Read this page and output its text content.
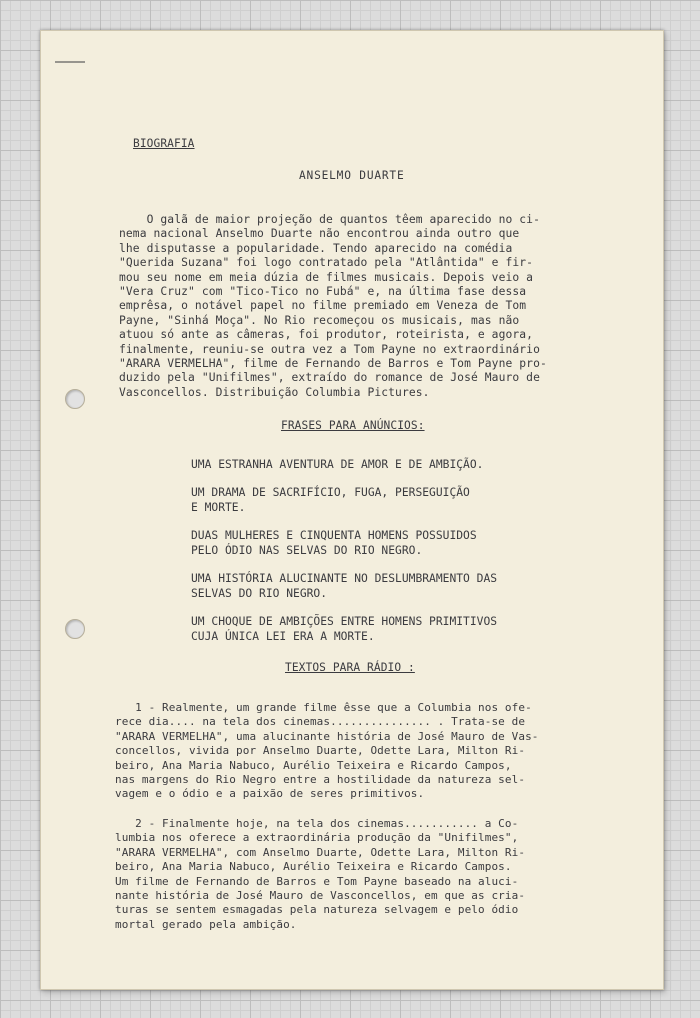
BIOGRAFIA
ANSELMO DUARTE
O galã de maior projeção de quantos têem aparecido no ci-
nema nacional Anselmo Duarte não encontrou ainda outro que
lhe disputasse a popularidade. Tendo aparecido na comédia
"Querida Suzana" foi logo contratado pela "Atlântida" e fir-
mou seu nome em meia dúzia de filmes musicais. Depois veio a
"Vera Cruz" com "Tico-Tico no Fubá" e, na última fase dessa
emprêsa, o notável papel no filme premiado em Veneza de Tom
Payne, "Sinhá Moça". No Rio recomeçou os musicais, mas não
atuou só ante as câmeras, foi produtor, roteirista, e agora,
finalmente, reuniu-se outra vez a Tom Payne no extraordinário
"ARARA VERMELHA", filme de Fernando de Barros e Tom Payne pro-
duzido pela "Unifilmes", extraído do romance de José Mauro de
Vasconcellos. Distribuição Columbia Pictures.
FRASES PARA ANÚNCIOS:
UMA ESTRANHA AVENTURA DE AMOR E DE AMBIÇÃO.
UM DRAMA DE SACRIFÍCIO, FUGA, PERSEGUIÇÃO
E MORTE.
DUAS MULHERES E CINQUENTA HOMENS POSSUIDOS
PELO ÓDIO NAS SELVAS DO RIO NEGRO.
UMA HISTÓRIA ALUCINANTE NO DESLUMBRAMENTO DAS
SELVAS DO RIO NEGRO.
UM CHOQUE DE AMBIÇÕES ENTRE HOMENS PRIMITIVOS
CUJA ÚNICA LEI ERA A MORTE.
TEXTOS PARA RÁDIO :
1 - Realmente, um grande filme êsse que a Columbia nos ofe-
rece dia.... na tela dos cinemas............... . Trata-se de
"ARARA VERMELHA", uma alucinante história de José Mauro de Vas-
concellos, vivida por Anselmo Duarte, Odette Lara, Milton Ri-
beiro, Ana Maria Nabuco, Aurélio Teixeira e Ricardo Campos,
nas margens do Rio Negro entre a hostilidade da natureza sel-
vagem e o ódio e a paixão de seres primitivos.
2 - Finalmente hoje, na tela dos cinemas........... a Co-
lumbia nos oferece a extraordinária produção da "Unifilmes",
"ARARA VERMELHA", com Anselmo Duarte, Odette Lara, Milton Ri-
beiro, Ana Maria Nabuco, Aurélio Teixeira e Ricardo Campos.
Um filme de Fernando de Barros e Tom Payne baseado na aluci-
nante história de José Mauro de Vasconcellos, em que as cria-
turas se sentem esmagadas pela natureza selvagem e pelo ódio
mortal gerado pela ambição.
